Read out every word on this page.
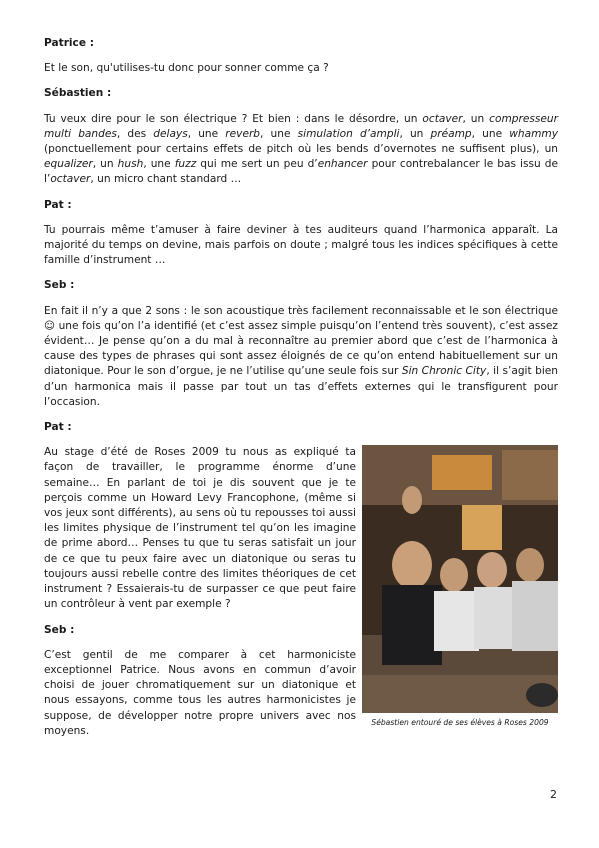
Patrice :

Et le son, qu'utilises-tu donc pour sonner comme ça ?

Sébastien :

Tu veux dire pour le son électrique ? Et bien : dans le désordre, un octaver, un compresseur multi bandes, des delays, une reverb, une simulation d’ampli, un préamp, une whammy (ponctuellement pour certains effets de pitch où les bends d’overnotes ne suffisent plus), un equalizer, un hush, une fuzz qui me sert un peu d’enhancer pour contrebalancer le bas issu de l’octaver, un micro chant standard …

Pat :

Tu pourrais même t’amuser à faire deviner à tes auditeurs quand l’harmonica apparaît. La majorité du temps on devine, mais parfois on doute ; malgré tous les indices spécifiques à cette famille d’instrument …

Seb :

En fait il n’y a que 2 sons : le son acoustique très facilement reconnaissable et le son électrique ☺ une fois qu’on l’a identifié (et c’est assez simple puisqu’on l’entend très souvent), c’est assez évident… Je pense qu’on a du mal à reconnaître au premier abord que c’est de l’harmonica à cause des types de phrases qui sont assez éloignés de ce qu’on entend habituellement sur un diatonique. Pour le son d’orgue, je ne l’utilise qu’une seule fois sur Sin Chronic City, il s’agit bien d’un harmonica mais il passe par tout un tas d’effets externes qui le transfigurent pour l’occasion.

Pat :

Sébastien entouré de ses élèves à Roses 2009

Au stage d’été de Roses 2009 tu nous as expliqué ta façon de travailler, le programme énorme d’une semaine… En parlant de toi je dis souvent que je te perçois comme un Howard Levy Francophone, (même si vos jeux sont différents), au sens où tu repousses toi aussi les limites physique de l’instrument tel qu’on les imagine de prime abord… Penses tu que tu seras satisfait un jour de ce que tu peux faire avec un diatonique ou seras tu toujours aussi rebelle contre des limites théoriques de cet instrument ? Essaierais-tu de surpasser ce que peut faire un contrôleur à vent par exemple ?

Seb :

C’est gentil de me comparer à cet harmoniciste exceptionnel Patrice. Nous avons en commun d’avoir choisi de jouer chromatiquement sur un diatonique et nous essayons, comme tous les autres harmonicistes je suppose, de développer notre propre univers avec nos moyens.

2
